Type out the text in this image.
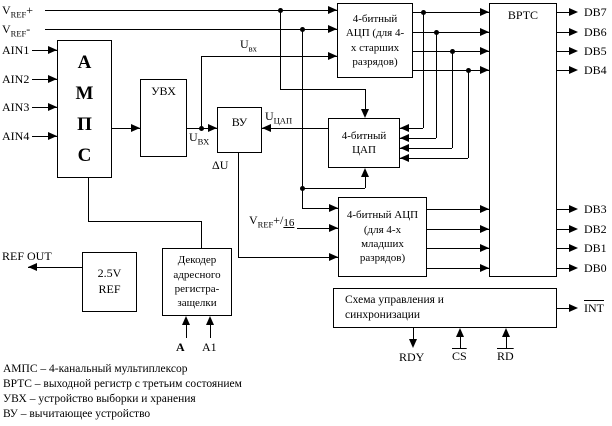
$V_{REF}+$
$V_{REF}-$
AIN1
AIN2
AIN3
AIN4
REF OUT
А
М
П
С
УВХ
ВУ
4-битный
АЦП (для 4-
х старших
разрядов)
4-битный
ЦАП
4-битный АЦП
(для 4-х
младших
разрядов)
ВРТС
Схема управления и
синхронизации
2.5V
REF
Декодер
адресного
регистра-
защелки
DB7
DB6
DB5
DB4
DB3
DB2
DB1
DB0
$\overline{INT}$
RDY $\overline{CS}$	$\overline{RD}$
А А1
$U_{вх}$
$U_{ВХ}$
$U_{ЦАП}$
ΔU
$V_{REF}+/16$
АМПС – 4-канальный мультиплексор
ВРТС – выходной регистр с третьим состоянием
УВХ – устройство выборки и хранения
ВУ – вычитающее устройство
